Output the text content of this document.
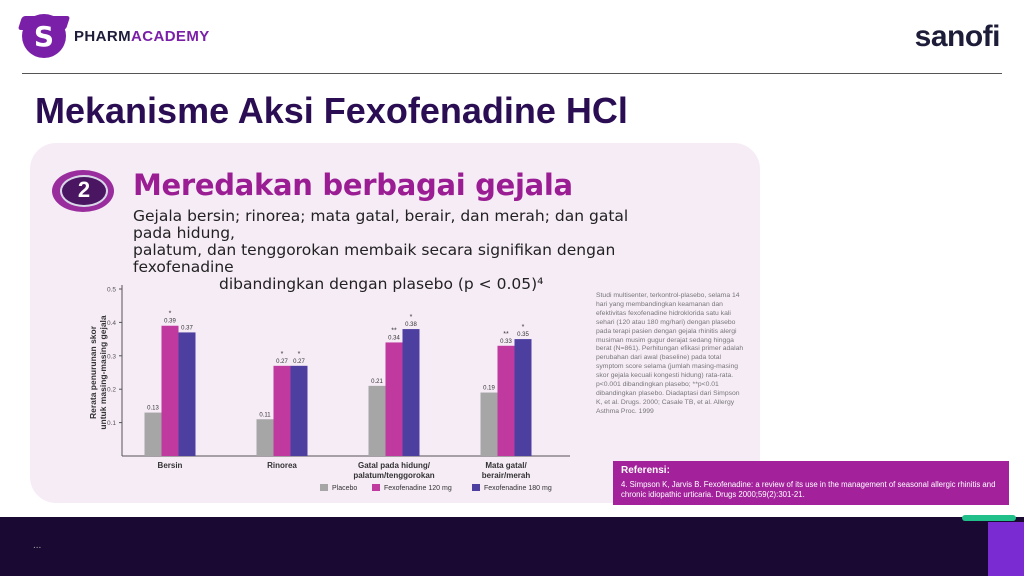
S	PHARMACADEMY	sanofi
Mekanisme Aksi Fexofenadine HCl
2	Meredakan berbagai gejala
Gejala bersin; rinorea; mata gatal, berair, dan merah; dan gatal pada hidung,
palatum, dan tenggorokan membaik secara signifikan dengan fexofenadine

dibandingkan dengan plasebo (p < 0.05)⁴
Rerata penurunan skor untuk masing-masing gejala
0.1
0.2
0.3
0.4
0.5
0.13
0.39
*
0.37
Bersin
0.11
0.27
*
0.27
*
Rinorea
0.21
0.34
**
0.38
*
Gatal pada hidung/
palatum/tenggorokan
0.19
0.33
** 0.35
*
Mata gatal/
berair/merah
Placebo	Fexofenadine 120 mg	Fexofenadine 180 mg
Studi multisenter, terkontrol-plasebo, selama 14 hari yang membandingkan keamanan dan efektivitas fexofenadine hidroklorida satu kali sehari (120 atau 180 mg/hari) dengan plasebo pada terapi pasien dengan gejala rhinitis alergi musiman musim gugur derajat sedang hingga berat (N=861). Perhitungan efikasi primer adalah perubahan dari awal (baseline) pada total symptom score selama (jumlah masing-masing skor gejala kecuali kongesti hidung) rata-rata. p<0.001 dibandingkan plasebo; **p<0.01 dibandingkan plasebo. Diadaptasi dari Simpson K, et al. Drugs. 2000; Casale TB, et al. Allergy Asthma Proc. 1999
Referensi:
4. Simpson K, Jarvis B. Fexofenadine: a review of its use in the management of seasonal allergic rhinitis and chronic idiopathic urticaria. Drugs 2000;59(2):301-21.
...
